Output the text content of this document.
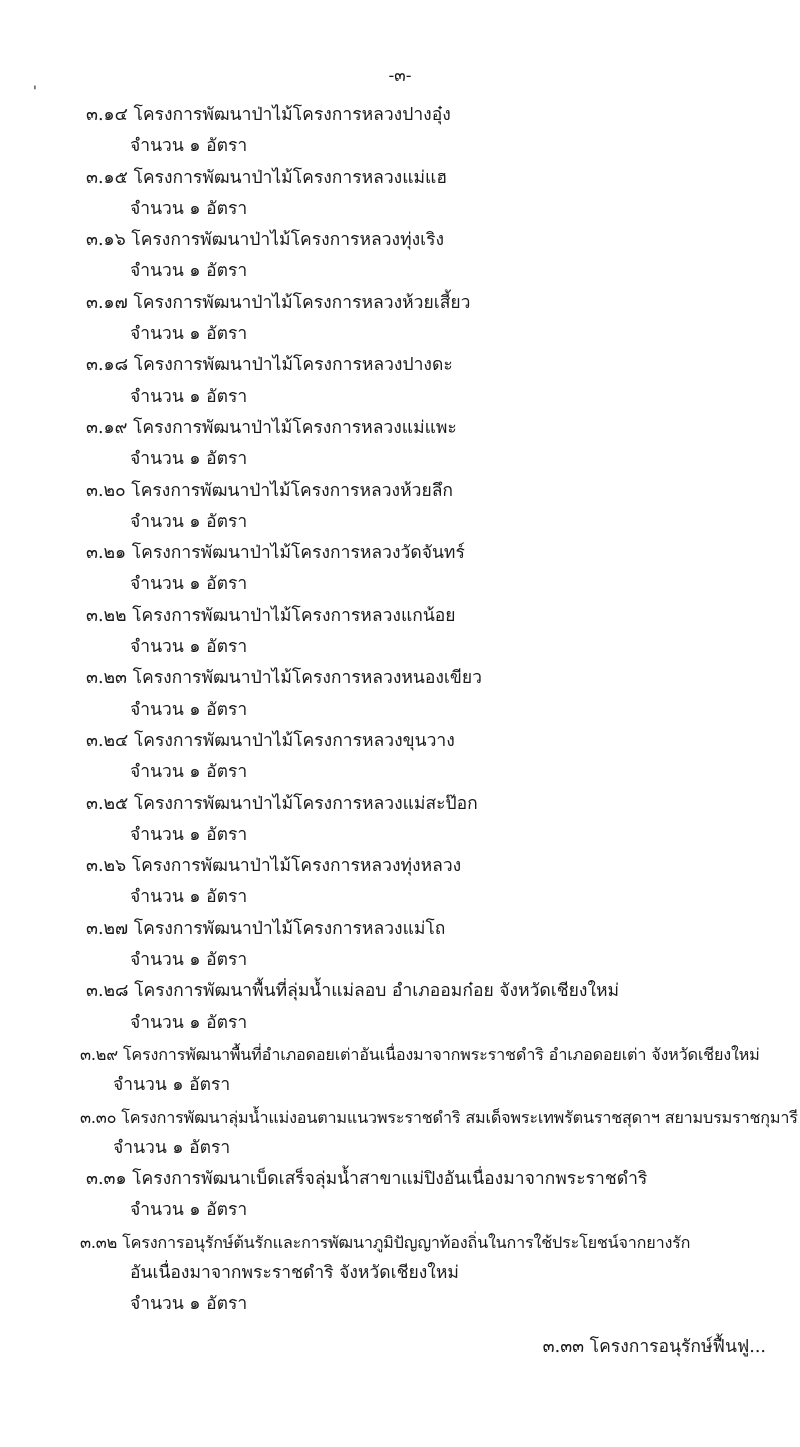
-๓-
'
๓.๑๔ โครงการพัฒนาป่าไม้โครงการหลวงปางอุ๋ง
จำนวน ๑ อัตรา
๓.๑๕ โครงการพัฒนาป่าไม้โครงการหลวงแม่แฮ
จำนวน ๑ อัตรา
๓.๑๖ โครงการพัฒนาป่าไม้โครงการหลวงทุ่งเริง
จำนวน ๑ อัตรา
๓.๑๗ โครงการพัฒนาป่าไม้โครงการหลวงห้วยเสี้ยว
จำนวน ๑ อัตรา
๓.๑๘ โครงการพัฒนาป่าไม้โครงการหลวงปางดะ
จำนวน ๑ อัตรา
๓.๑๙ โครงการพัฒนาป่าไม้โครงการหลวงแม่แพะ
จำนวน ๑ อัตรา
๓.๒๐ โครงการพัฒนาป่าไม้โครงการหลวงห้วยลึก
จำนวน ๑ อัตรา
๓.๒๑ โครงการพัฒนาป่าไม้โครงการหลวงวัดจันทร์
จำนวน ๑ อัตรา
๓.๒๒ โครงการพัฒนาป่าไม้โครงการหลวงแกน้อย
จำนวน ๑ อัตรา
๓.๒๓ โครงการพัฒนาป่าไม้โครงการหลวงหนองเขียว
จำนวน ๑ อัตรา
๓.๒๔ โครงการพัฒนาป่าไม้โครงการหลวงขุนวาง
จำนวน ๑ อัตรา
๓.๒๕ โครงการพัฒนาป่าไม้โครงการหลวงแม่สะป๊อก
จำนวน ๑ อัตรา
๓.๒๖ โครงการพัฒนาป่าไม้โครงการหลวงทุ่งหลวง
จำนวน ๑ อัตรา
๓.๒๗ โครงการพัฒนาป่าไม้โครงการหลวงแม่โถ
จำนวน ๑ อัตรา
๓.๒๘ โครงการพัฒนาพื้นที่ลุ่มน้ำแม่ลอบ อำเภออมก๋อย จังหวัดเชียงใหม่
จำนวน ๑ อัตรา
๓.๒๙ โครงการพัฒนาพื้นที่อำเภอดอยเต่าอันเนื่องมาจากพระราชดำริ อำเภอดอยเต่า จังหวัดเชียงใหม่
จำนวน ๑ อัตรา
๓.๓๐ โครงการพัฒนาลุ่มน้ำแม่งอนตามแนวพระราชดำริ สมเด็จพระเทพรัตนราชสุดาฯ สยามบรมราชกุมารี
จำนวน ๑ อัตรา
๓.๓๑ โครงการพัฒนาเบ็ดเสร็จลุ่มน้ำสาขาแม่ปิงอันเนื่องมาจากพระราชดำริ
จำนวน ๑ อัตรา
๓.๓๒ โครงการอนุรักษ์ต้นรักและการพัฒนาภูมิปัญญาท้องถิ่นในการใช้ประโยชน์จากยางรัก
อันเนื่องมาจากพระราชดำริ จังหวัดเชียงใหม่
จำนวน ๑ อัตรา
๓.๓๓ โครงการอนุรักษ์ฟื้นฟู...
